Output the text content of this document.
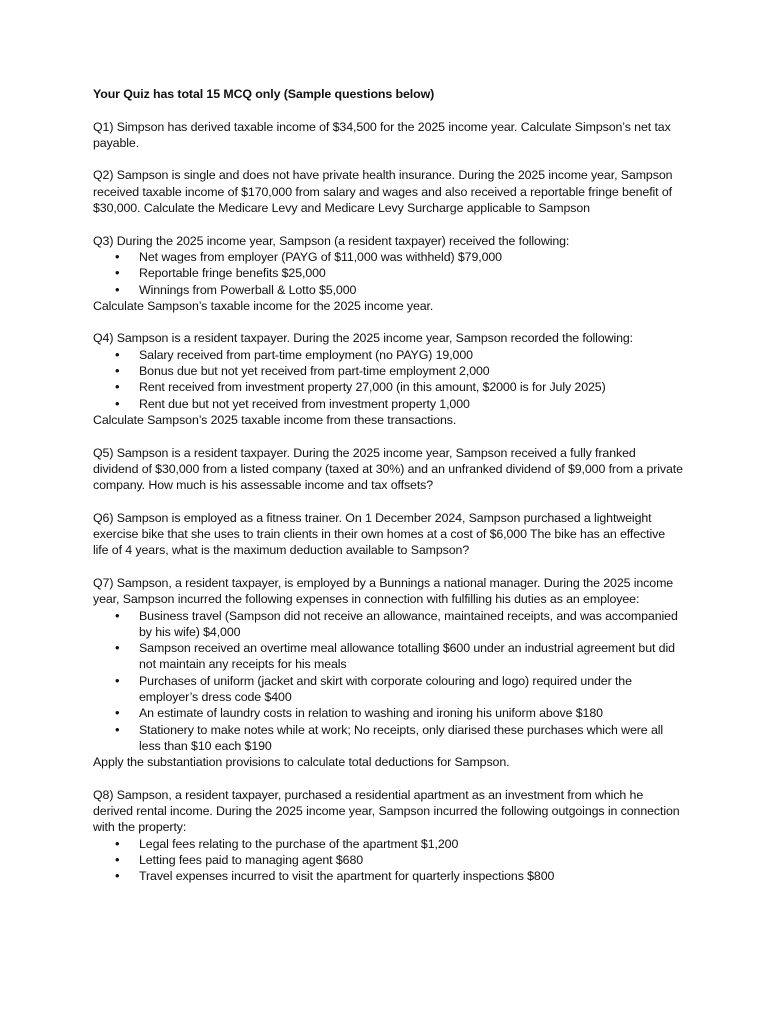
Your Quiz has total 15 MCQ only (Sample questions below)

Q1) Simpson has derived taxable income of $34,500 for the 2025 income year. Calculate Simpson’s net tax payable.

Q2) Sampson is single and does not have private health insurance. During the 2025 income year, Sampson received taxable income of $170,000 from salary and wages and also received a reportable fringe benefit of $30,000. Calculate the Medicare Levy and Medicare Levy Surcharge applicable to Sampson

Q3) During the 2025 income year, Sampson (a resident taxpayer) received the following:

• Net wages from employer (PAYG of $11,000 was withheld) $79,000
• Reportable fringe benefits $25,000
• Winnings from Powerball & Lotto $5,000

Calculate Sampson’s taxable income for the 2025 income year.

Q4) Sampson is a resident taxpayer. During the 2025 income year, Sampson recorded the following:

• Salary received from part-time employment (no PAYG) 19,000
• Bonus due but not yet received from part-time employment 2,000
• Rent received from investment property 27,000 (in this amount, $2000 is for July 2025)
• Rent due but not yet received from investment property 1,000

Calculate Sampson’s 2025 taxable income from these transactions.

Q5) Sampson is a resident taxpayer. During the 2025 income year, Sampson received a fully franked dividend of $30,000 from a listed company (taxed at 30%) and an unfranked dividend of $9,000 from a private company. How much is his assessable income and tax offsets?

Q6) Sampson is employed as a fitness trainer. On 1 December 2024, Sampson purchased a lightweight exercise bike that she uses to train clients in their own homes at a cost of $6,000 The bike has an effective life of 4 years, what is the maximum deduction available to Sampson?

Q7) Sampson, a resident taxpayer, is employed by a Bunnings a national manager. During the 2025 income year, Sampson incurred the following expenses in connection with fulfilling his duties as an employee:

• Business travel (Sampson did not receive an allowance, maintained receipts, and was accompanied by his wife) $4,000
• Sampson received an overtime meal allowance totalling $600 under an industrial agreement but did not maintain any receipts for his meals
• Purchases of uniform (jacket and skirt with corporate colouring and logo) required under the employer’s dress code $400
• An estimate of laundry costs in relation to washing and ironing his uniform above $180
• Stationery to make notes while at work; No receipts, only diarised these purchases which were all less than $10 each $190

Apply the substantiation provisions to calculate total deductions for Sampson.

Q8) Sampson, a resident taxpayer, purchased a residential apartment as an investment from which he derived rental income. During the 2025 income year, Sampson incurred the following outgoings in connection with the property:

• Legal fees relating to the purchase of the apartment $1,200
• Letting fees paid to managing agent $680
• Travel expenses incurred to visit the apartment for quarterly inspections $800
